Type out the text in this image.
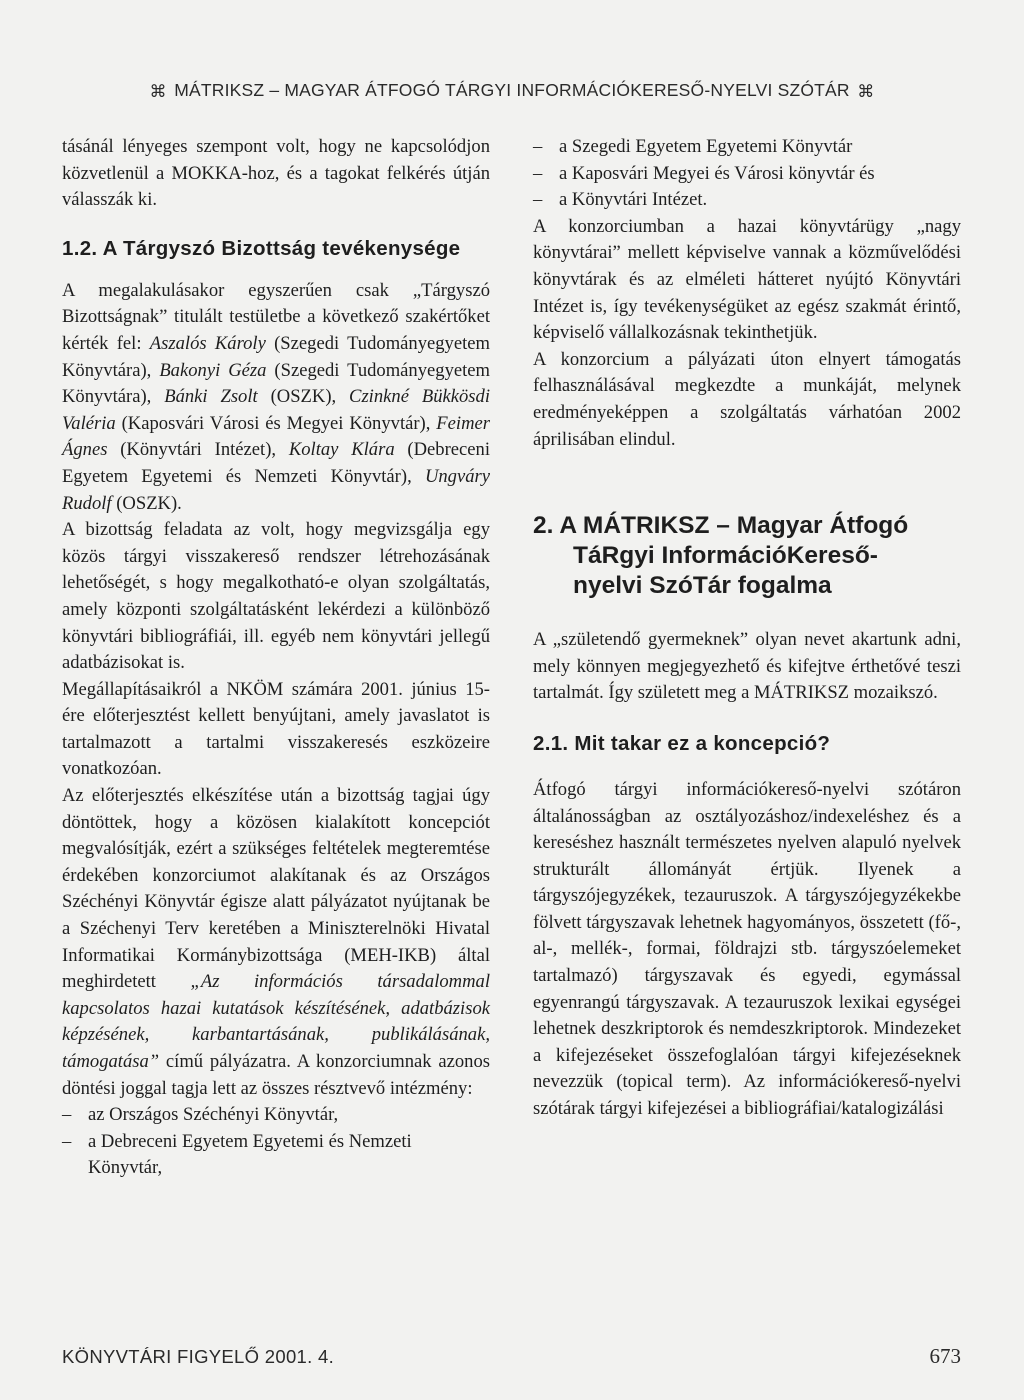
⌘ MÁTRIKSZ – MAGYAR ÁTFOGÓ TÁRGYI INFORMÁCIÓKERESŐ-NYELVI SZÓTÁR ⌘

tásánál lényeges szempont volt, hogy ne kapcsolódjon közvetlenül a MOKKA-hoz, és a tagokat felkérés útján válasszák ki.

1.2. A Tárgyszó Bizottság tevékenysége

A megalakulásakor egyszerűen csak „Tárgyszó Bizottságnak” titulált testületbe a következő szakértőket kérték fel: Aszalós Károly (Szegedi Tudományegyetem Könyvtára), Bakonyi Géza (Szegedi Tudományegyetem Könyvtára), Bánki Zsolt (OSZK), Czinkné Bükkösdi Valéria (Kaposvári Városi és Megyei Könyvtár), Feimer Ágnes (Könyvtári Intézet), Koltay Klára (Debreceni Egyetem Egyetemi és Nemzeti Könyvtár), Ungváry Rudolf (OSZK).

A bizottság feladata az volt, hogy megvizsgálja egy közös tárgyi visszakereső rendszer létrehozásának lehetőségét, s hogy megalkotható-e olyan szolgáltatás, amely központi szolgáltatásként lekérdezi a különböző könyvtári bibliográfiái, ill. egyéb nem könyvtári jellegű adatbázisokat is.

Megállapításaikról a NKÖM számára 2001. június 15-ére előterjesztést kellett benyújtani, amely javaslatot is tartalmazott a tartalmi visszakeresés eszközeire vonatkozóan.

Az előterjesztés elkészítése után a bizottság tagjai úgy döntöttek, hogy a közösen kialakított koncepciót megvalósítják, ezért a szükséges feltételek megteremtése érdekében konzorciumot alakítanak és az Országos Széchényi Könyvtár égisze alatt pályázatot nyújtanak be a Széchenyi Terv keretében a Miniszterelnöki Hivatal Informatikai Kormánybizottsága (MEH-IKB) által meghirdetett „Az információs társadalommal kapcsolatos hazai kutatások készítésének, adatbázisok képzésének, karbantartásának, publikálásának, támogatása” című pályázatra. A konzorciumnak azonos döntési joggal tagja lett az összes résztvevő intézmény:

– az Országos Széchényi Könyvtár,
– a Debreceni Egyetem Egyetemi és Nemzeti Könyvtár,
– a Szegedi Egyetem Egyetemi Könyvtár
– a Kaposvári Megyei és Városi könyvtár és
– a Könyvtári Intézet.

A konzorciumban a hazai könyvtárügy „nagy könyvtárai” mellett képviselve vannak a közművelődési könyvtárak és az elméleti hátteret nyújtó Könyvtári Intézet is, így tevékenységüket az egész szakmát érintő, képviselő vállalkozásnak tekinthetjük.

A konzorcium a pályázati úton elnyert támogatás felhasználásával megkezdte a munkáját, melynek eredményeképpen a szolgáltatás várhatóan 2002 áprilisában elindul.

2. A MÁTRIKSZ – Magyar Átfogó
TáRgyi InformációKereső-
nyelvi SzóTár fogalma

A „születendő gyermeknek” olyan nevet akartunk adni, mely könnyen megjegyezhető és kifejtve érthetővé teszi tartalmát. Így született meg a MÁTRIKSZ mozaikszó.

2.1. Mit takar ez a koncepció?

Átfogó tárgyi információkereső-nyelvi szótáron általánosságban az osztályozáshoz/indexeléshez és a kereséshez használt természetes nyelven alapuló nyelvek strukturált állományát értjük. Ilyenek a tárgyszójegyzékek, tezauruszok. A tárgyszójegyzékekbe fölvett tárgyszavak lehetnek hagyományos, összetett (fő-, al-, mellék-, formai, földrajzi stb. tárgyszóelemeket tartalmazó) tárgyszavak és egyedi, egymással egyenrangú tárgyszavak. A tezauruszok lexikai egységei lehetnek deszkriptorok és nemdeszkriptorok. Mindezeket a kifejezéseket összefoglalóan tárgyi kifejezéseknek nevezzük (topical term). Az információkereső-nyelvi szótárak tárgyi kifejezései a bibliográfiai/katalogizálási

KÖNYVTÁRI FIGYELŐ 2001. 4.	673
